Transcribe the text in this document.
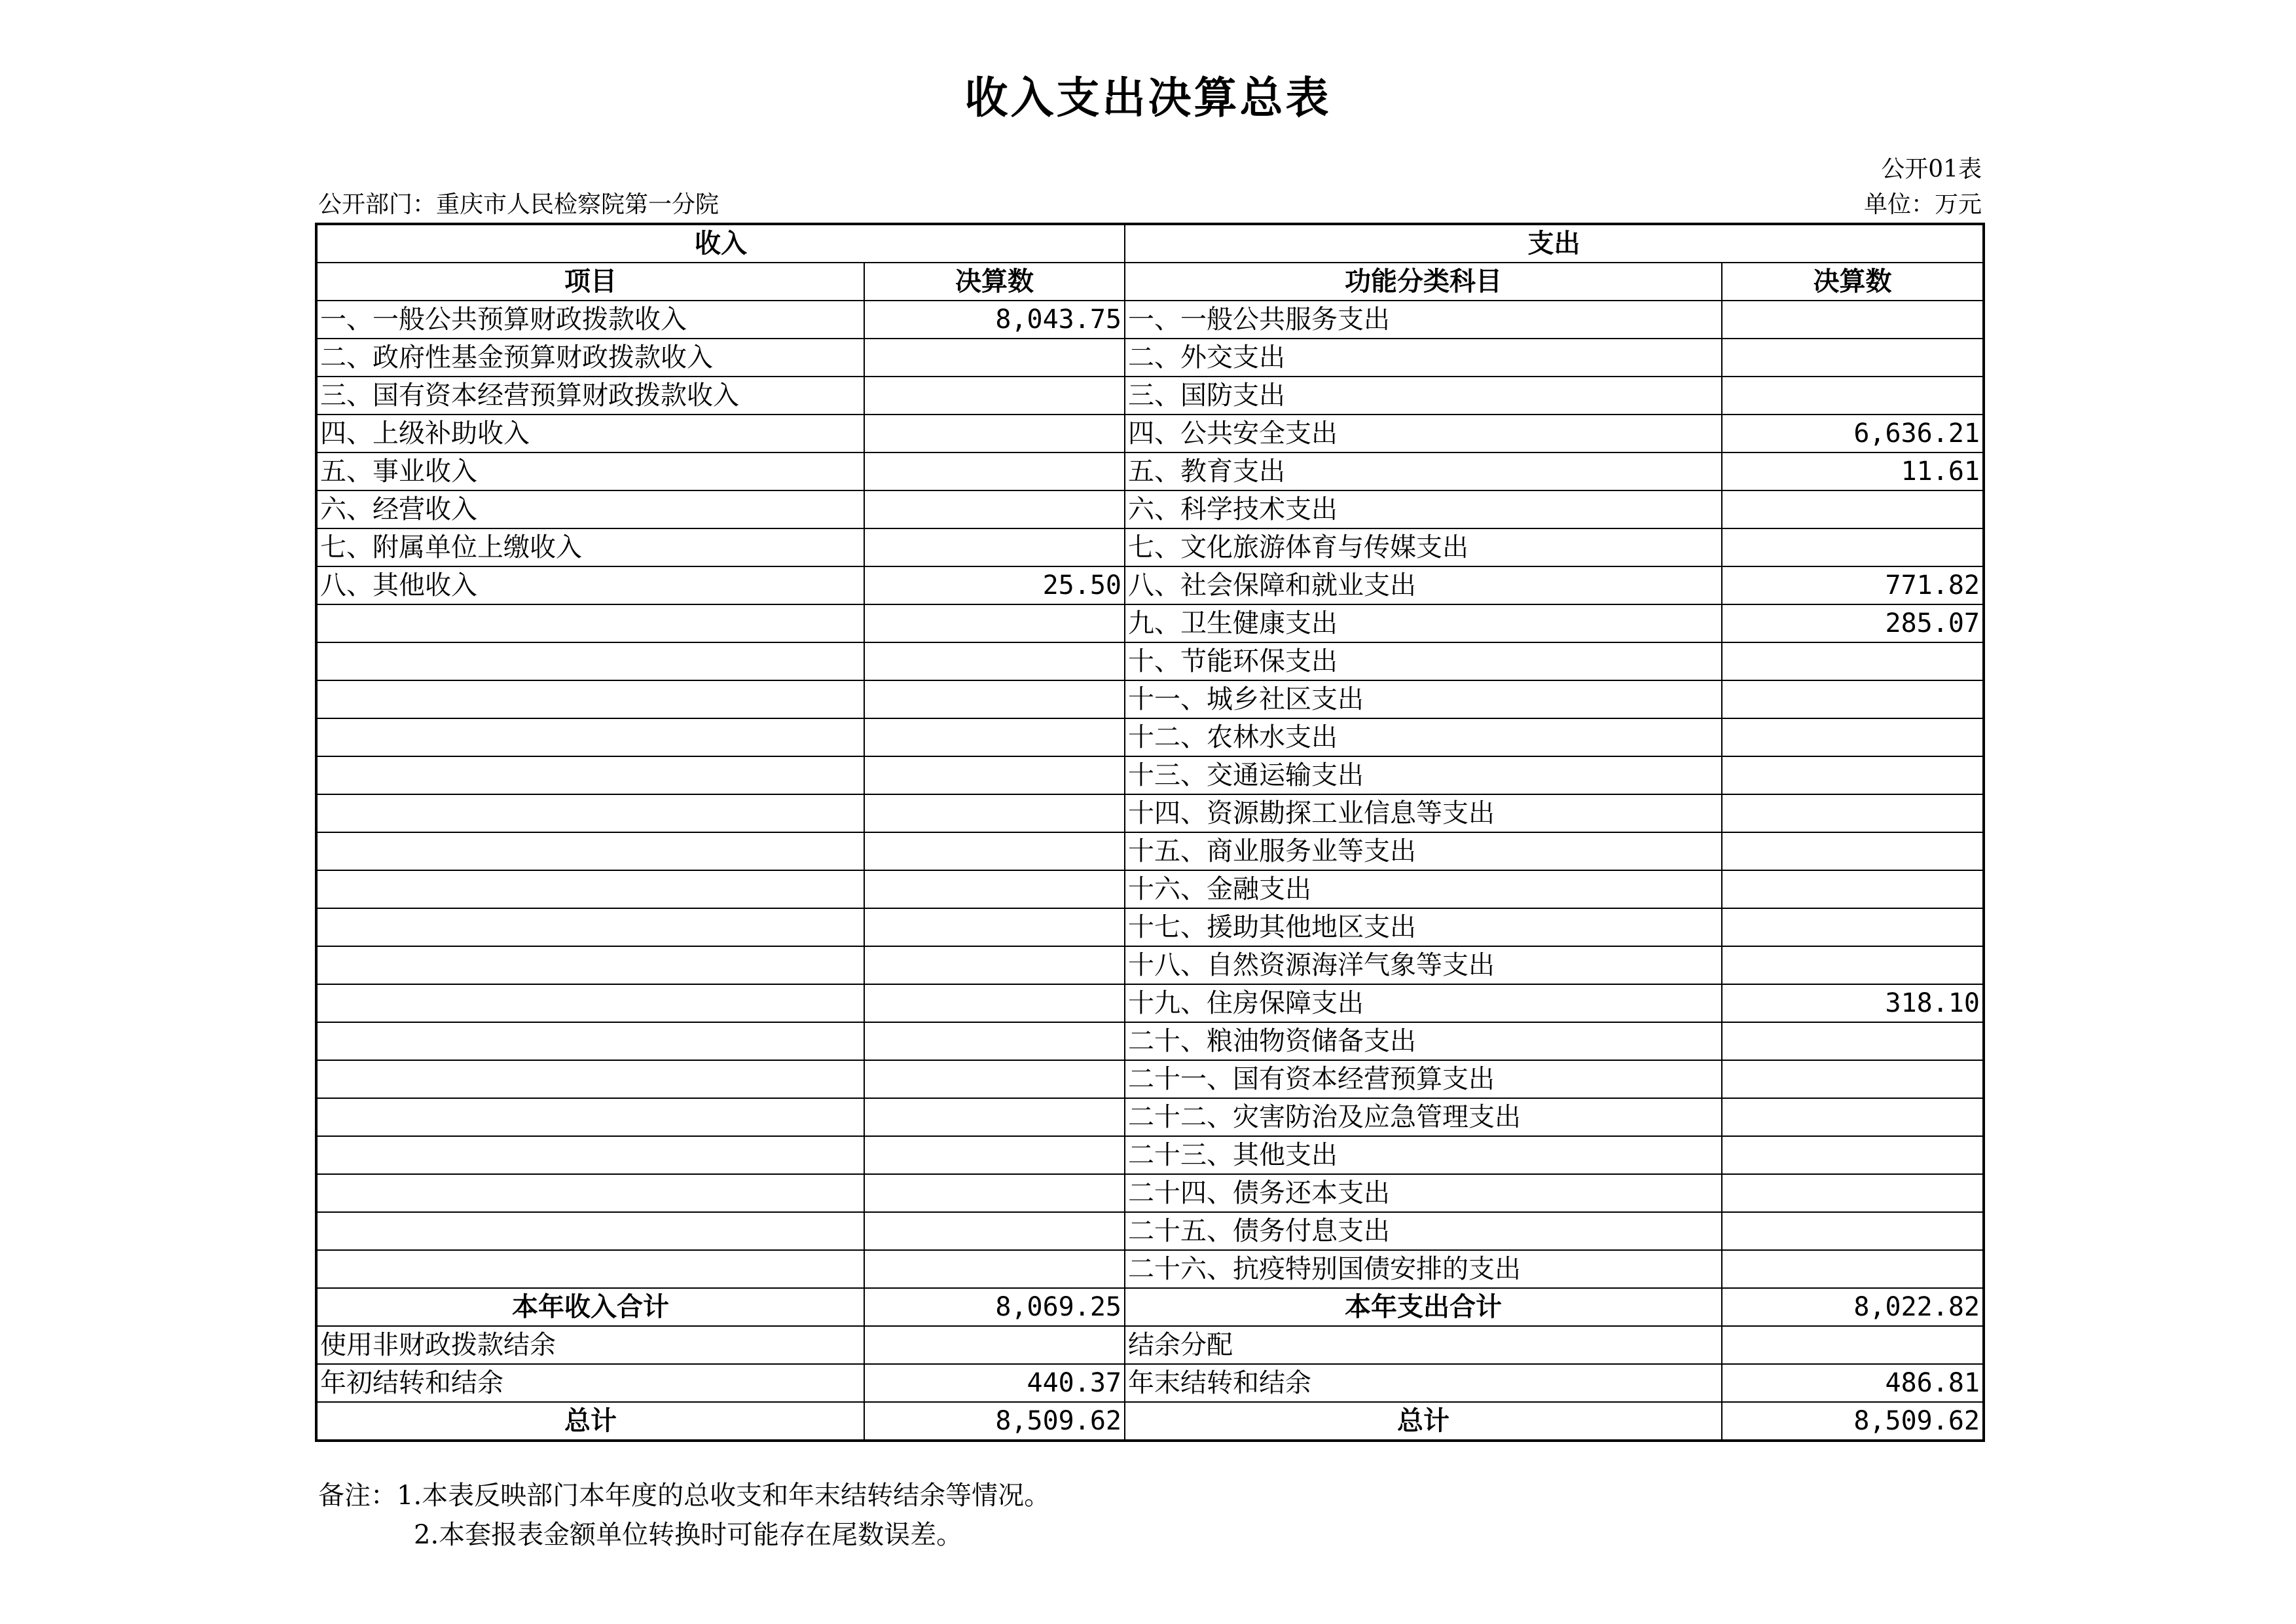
收入支出决算总表
公开01表
公开部门：重庆市人民检察院第一分院	单位：万元
收入		支出	
项目	决算数	功能分类科目	决算数
一、一般公共预算财政拨款收入	8,043.75	一、一般公共服务支出	
二、政府性基金预算财政拨款收入		二、外交支出	
三、国有资本经营预算财政拨款收入		三、国防支出	
四、上级补助收入		四、公共安全支出	6,636.21
五、事业收入		五、教育支出	11.61
六、经营收入		六、科学技术支出	
七、附属单位上缴收入		七、文化旅游体育与传媒支出	
八、其他收入	25.50	八、社会保障和就业支出	771.82
		九、卫生健康支出	285.07
		十、节能环保支出	
		十一、城乡社区支出	
		十二、农林水支出	
		十三、交通运输支出	
		十四、资源勘探工业信息等支出	
		十五、商业服务业等支出	
		十六、金融支出	
		十七、援助其他地区支出	
		十八、自然资源海洋气象等支出	
		十九、住房保障支出	318.10
		二十、粮油物资储备支出	
		二十一、国有资本经营预算支出	
		二十二、灾害防治及应急管理支出	
		二十三、其他支出	
		二十四、债务还本支出	
		二十五、债务付息支出	
		二十六、抗疫特别国债安排的支出	
本年收入合计	8,069.25	本年支出合计	8,022.82
使用非财政拨款结余		结余分配	
年初结转和结余	440.37	年末结转和结余	486.81
总计	8,509.62	总计	8,509.62
备注：1.本表反映部门本年度的总收支和年末结转结余等情况。
2.本套报表金额单位转换时可能存在尾数误差。
